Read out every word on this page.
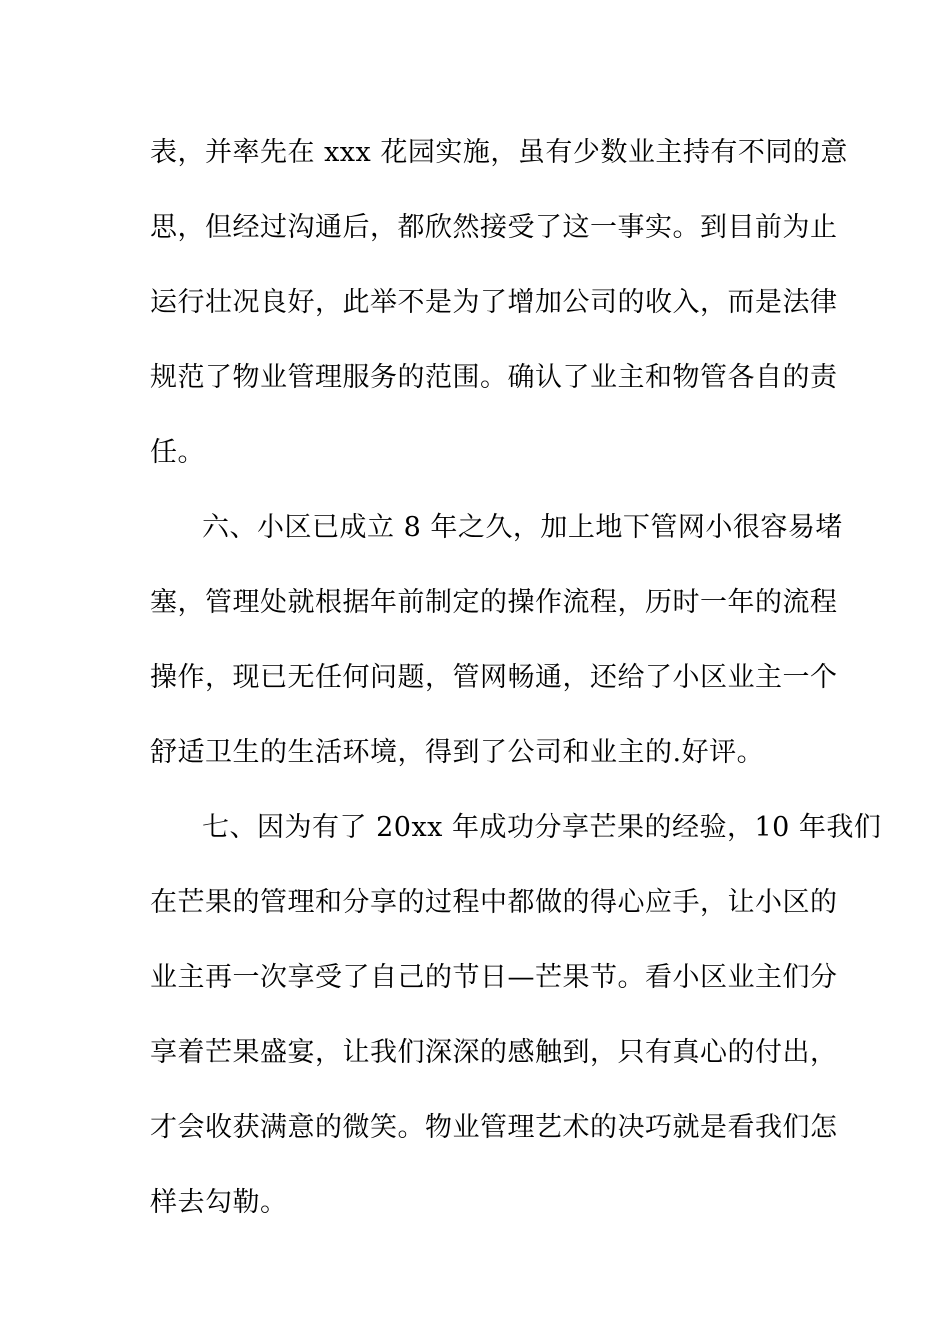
表，并率先在 xxx 花园实施，虽有少数业主持有不同的意
思，但经过沟通后，都欣然接受了这一事实。到目前为止
运行壮况良好，此举不是为了增加公司的收入，而是法律
规范了物业管理服务的范围。确认了业主和物管各自的责
任。
六、小区已成立 8 年之久，加上地下管网小很容易堵
塞，管理处就根据年前制定的操作流程，历时一年的流程
操作，现已无任何问题，管网畅通，还给了小区业主一个
舒适卫生的生活环境，得到了公司和业主的.好评。
七、因为有了 20xx 年成功分享芒果的经验，10 年我们
在芒果的管理和分享的过程中都做的得心应手，让小区的
业主再一次享受了自己的节日—芒果节。看小区业主们分
享着芒果盛宴，让我们深深的感触到，只有真心的付出，
才会收获满意的微笑。物业管理艺术的决巧就是看我们怎
样去勾勒。
